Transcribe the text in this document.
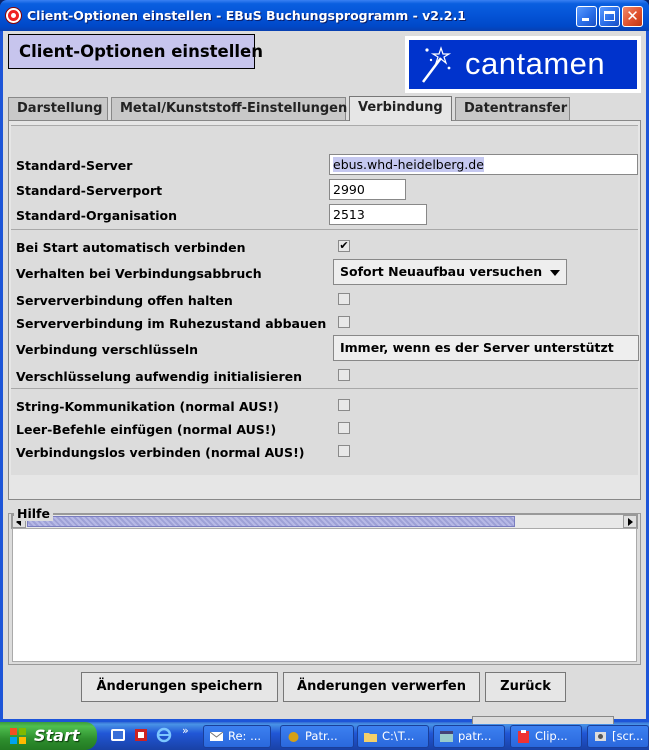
Client-Optionen einstellen - EBuS Buchungsprogramm - v2.2.1	✕
Client-Optionen einstellen	cantamen
Darstellung	Metal/Kunststoff-Einstellungen Verbindung	Datentransfer
Standard-Server	ebus.whd-heidelberg.de
Standard-Serverport	2990
Standard-Organisation	2513
Bei Start automatisch verbinden	✔
Verhalten bei Verbindungsabbruch	Sofort Neuaufbau versuchen
Serververbindung offen halten
Serververbindung im Ruhezustand abbauen
Verbindung verschlüsseln	Immer, wenn es der Server unterstützt
Verschlüsselung aufwendig initialisieren
String-Kommunikation (normal AUS!)
Leer-Befehle einfügen (normal AUS!)
Verbindungslos verbinden (normal AUS!)
Hilfe
Änderungen speichern	Änderungen verwerfen	Zurück
Start	»	Re: ...	Patr...	C:\T...	patr...	Clip...	[scr...
